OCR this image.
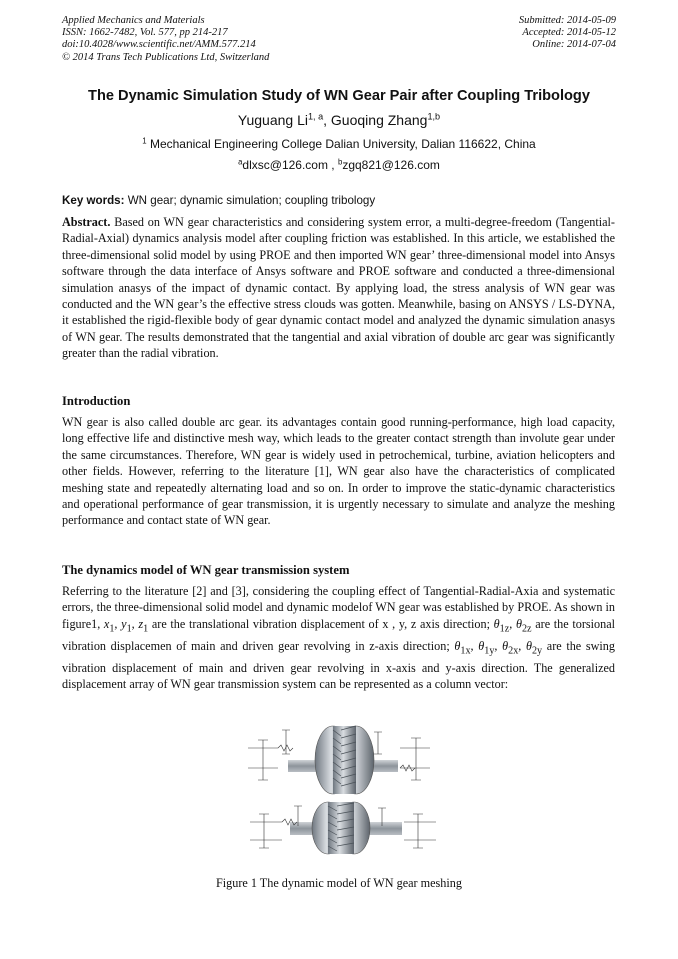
Applied Mechanics and Materials
ISSN: 1662-7482, Vol. 577, pp 214-217
doi:10.4028/www.scientific.net/AMM.577.214
© 2014 Trans Tech Publications Ltd, Switzerland
Submitted: 2014-05-09
Accepted: 2014-05-12
Online: 2014-07-04
The Dynamic Simulation Study of WN Gear Pair after Coupling Tribology
Yuguang Li$^{1, a}$, Guoqing Zhang$^{1,b}$
$^1$ Mechanical Engineering College Dalian University, Dalian 116622, China
$^a$dlxsc@126.com , $^b$zgq821@126.com
Key words: WN gear; dynamic simulation; coupling tribology
Abstract. Based on WN gear characteristics and considering system error, a multi-degree-freedom (Tangential-Radial-Axial) dynamics analysis model after coupling friction was established. In this article, we established the three-dimensional solid model by using PROE and then imported WN gear’ three-dimensional model into Ansys software through the data interface of Ansys software and PROE software and conducted a three-dimensional simulation anasys of the impact of dynamic contact. By applying load, the stress analysis of WN gear was conducted and the WN gear’s the effective stress clouds was gotten. Meanwhile, basing on ANSYS / LS-DYNA, it established the rigid-flexible body of gear dynamic contact model and analyzed the dynamic simulation anasys of WN gear. The results demonstrated that the tangential and axial vibration of double arc gear was significantly greater than the radial vibration.
Introduction
WN gear is also called double arc gear. its advantages contain good running-performance, high load capacity, long effective life and distinctive mesh way, which leads to the greater contact strength than involute gear under the same circumstances. Therefore, WN gear is widely used in petrochemical, turbine, aviation helicopters and other fields. However, referring to the literature [1], WN gear also have the characteristics of complicated meshing state and repeatedly alternating load and so on. In order to improve the static-dynamic characteristics and operational performance of gear transmission, it is urgently necessary to simulate and analyze the meshing performance and contact state of WN gear.
The dynamics model of WN gear transmission system
Referring to the literature [2] and [3], considering the coupling effect of Tangential-Radial-Axia and systematic errors, the three-dimensional solid model and dynamic modelof WN gear was established by PROE. As shown in figure1, $x_1$, $y_1$, $z_1$ are the translational vibration displacement of x , y, z axis direction; $\theta_{1z}$, $\theta_{2z}$ are the torsional vibration displacemen of main and driven gear revolving in z-axis direction; $\theta_{1x}$, $\theta_{1y}$, $\theta_{2x}$, $\theta_{2y}$ are the swing vibration displacement of main and driven gear revolving in x-axis and y-axis direction. The generalized displacement array of WN gear transmission system can be represented as a column vector:
Figure 1 The dynamic model of WN gear meshing
